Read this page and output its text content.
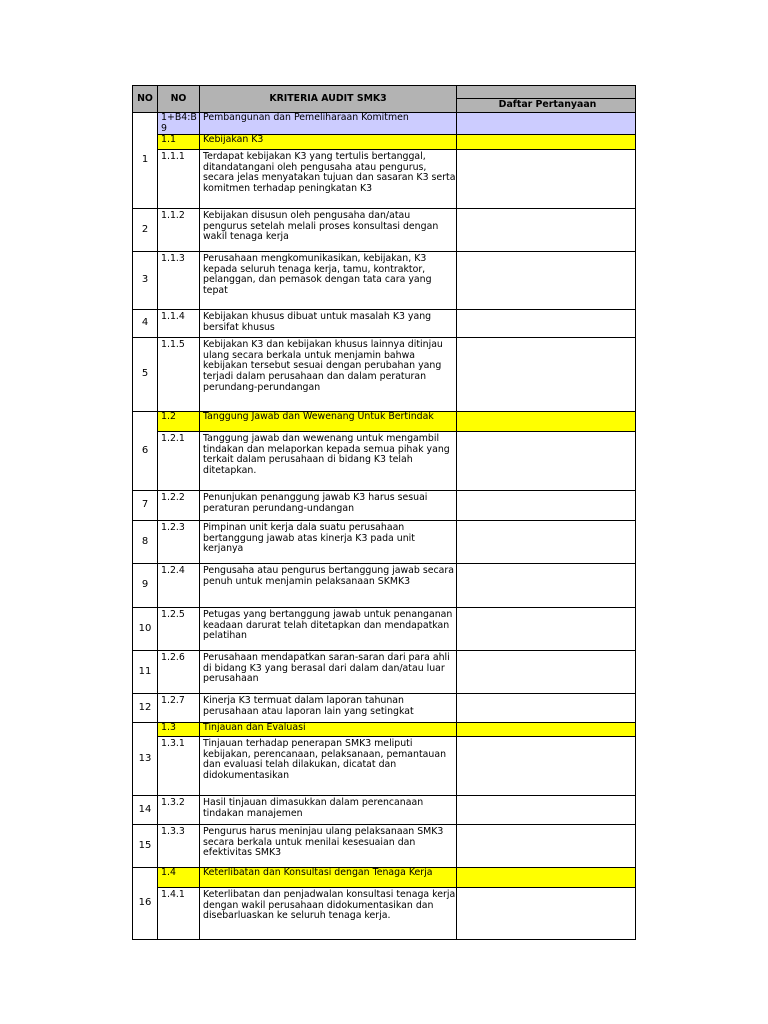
NO	NO	KRITERIA AUDIT SMK3	
			Daftar Pertanyaan
1	1+B4:B9	Pembangunan dan Pemeliharaan Komitmen	
	1.1	Kebijakan K3	

	1.1.1	Terdapat kebijakan K3 yang tertulis bertanggal, ditandatangani oleh pengusaha atau pengurus, secara jelas menyatakan tujuan dan sasaran K3 serta komitmen terhadap peningkatan K3	

2	1.1.2	Kebijakan disusun oleh pengusaha dan/atau pengurus setelah melali proses konsultasi dengan wakil tenaga kerja	

3	1.1.3	Perusahaan mengkomunikasikan, kebijakan, K3 kepada seluruh tenaga kerja, tamu, kontraktor, pelanggan, dan pemasok dengan tata cara yang tepat	

4	1.1.4	Kebijakan khusus dibuat untuk masalah K3 yang bersifat khusus	

5	1.1.5	Kebijakan K3 dan kebijakan khusus lainnya ditinjau ulang secara berkala untuk menjamin bahwa kebijakan tersebut sesuai dengan perubahan yang terjadi dalam perusahaan dan dalam peraturan perundang-perundangan	

6	1.2	Tanggung Jawab dan Wewenang Untuk Bertindak	

	1.2.1	Tanggung jawab dan wewenang untuk mengambil tindakan dan melaporkan kepada semua pihak yang terkait dalam perusahaan di bidang K3 telah ditetapkan.	

7	1.2.2	Penunjukan penanggung jawab K3 harus sesuai peraturan perundang-undangan	

8	1.2.3	Pimpinan unit kerja dala suatu perusahaan bertanggung jawab atas kinerja K3 pada unit kerjanya	

9	1.2.4	Pengusaha atau pengurus bertanggung jawab secara penuh untuk menjamin pelaksanaan SKMK3	

10	1.2.5	Petugas yang bertanggung jawab untuk penanganan keadaan darurat telah ditetapkan dan mendapatkan pelatihan	

11	1.2.6	Perusahaan mendapatkan saran-saran dari para ahli di bidang K3 yang berasal dari dalam dan/atau luar perusahaan	

12	1.2.7	Kinerja K3 termuat dalam laporan tahunan perusahaan atau laporan lain yang setingkat	

13	1.3	Tinjauan dan Evaluasi	

	1.3.1	Tinjauan terhadap penerapan SMK3 meliputi kebijakan, perencanaan, pelaksanaan, pemantauan dan evaluasi telah dilakukan, dicatat dan didokumentasikan	

14	1.3.2	Hasil tinjauan dimasukkan dalam perencanaan tindakan manajemen	

15	1.3.3	Pengurus harus meninjau ulang pelaksanaan SMK3 secara berkala untuk menilai kesesuaian dan efektivitas SMK3	

16	1.4	Keterlibatan dan Konsultasi dengan Tenaga Kerja	

	1.4.1	Keterlibatan dan penjadwalan konsultasi tenaga kerja dengan wakil perusahaan didokumentasikan dan disebarluaskan ke seluruh tenaga kerja.	
